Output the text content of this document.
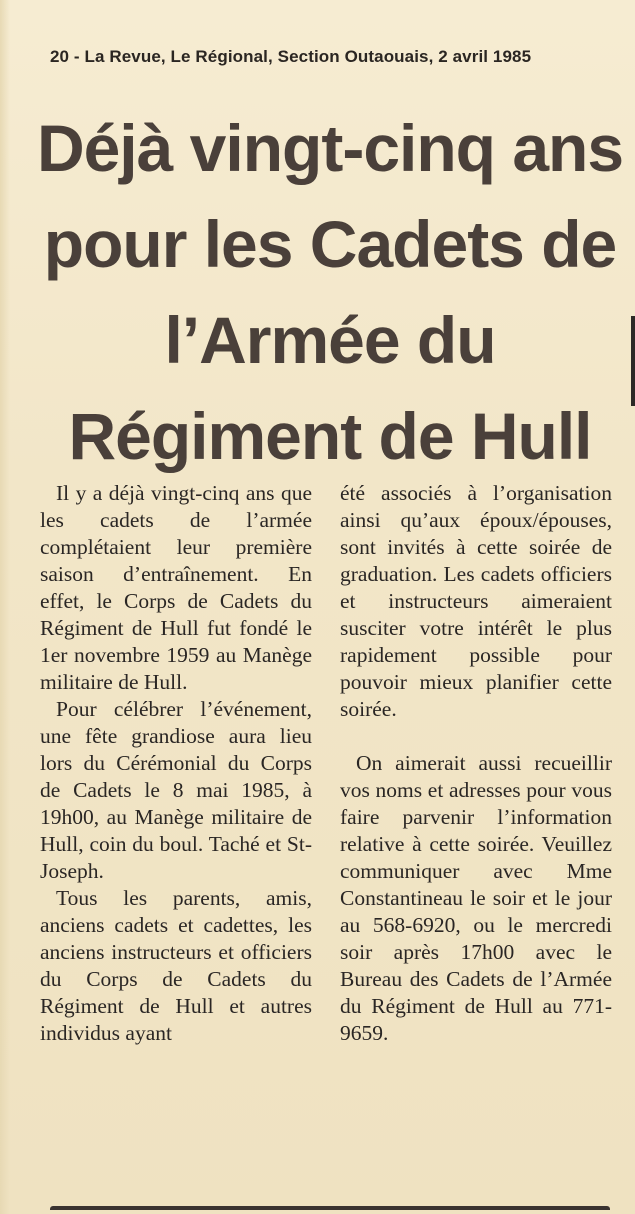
20 - La Revue, Le Régional, Section Outaouais, 2 avril 1985
Déjà vingt-cinq ans
pour les Cadets de
l’Armée du
Régiment de Hull

Il y a déjà vingt-cinq ans que les cadets de l’armée complétaient leur première saison d’entraînement. En effet, le Corps de Cadets du Régiment de Hull fut fondé le 1er novembre 1959 au Manège militaire de Hull.

Pour célébrer l’événement, une fête grandiose aura lieu lors du Cérémonial du Corps de Cadets le 8 mai 1985, à 19h00, au Manège militaire de Hull, coin du boul. Taché et St-Joseph.

Tous les parents, amis, anciens cadets et cadettes, les anciens instructeurs et officiers du Corps de Cadets du Régiment de Hull et autres individus ayant

été associés à l’organisation ainsi qu’aux époux/épouses, sont invités à cette soirée de graduation. Les cadets officiers et instructeurs aimeraient susciter votre intérêt le plus rapidement possible pour pouvoir mieux planifier cette soirée.

On aimerait aussi recueillir vos noms et adresses pour vous faire parvenir l’information relative à cette soirée. Veuillez communiquer avec Mme Constantineau le soir et le jour au 568-6920, ou le mercredi soir après 17h00 avec le Bureau des Cadets de l’Armée du Régiment de Hull au 771-9659.
